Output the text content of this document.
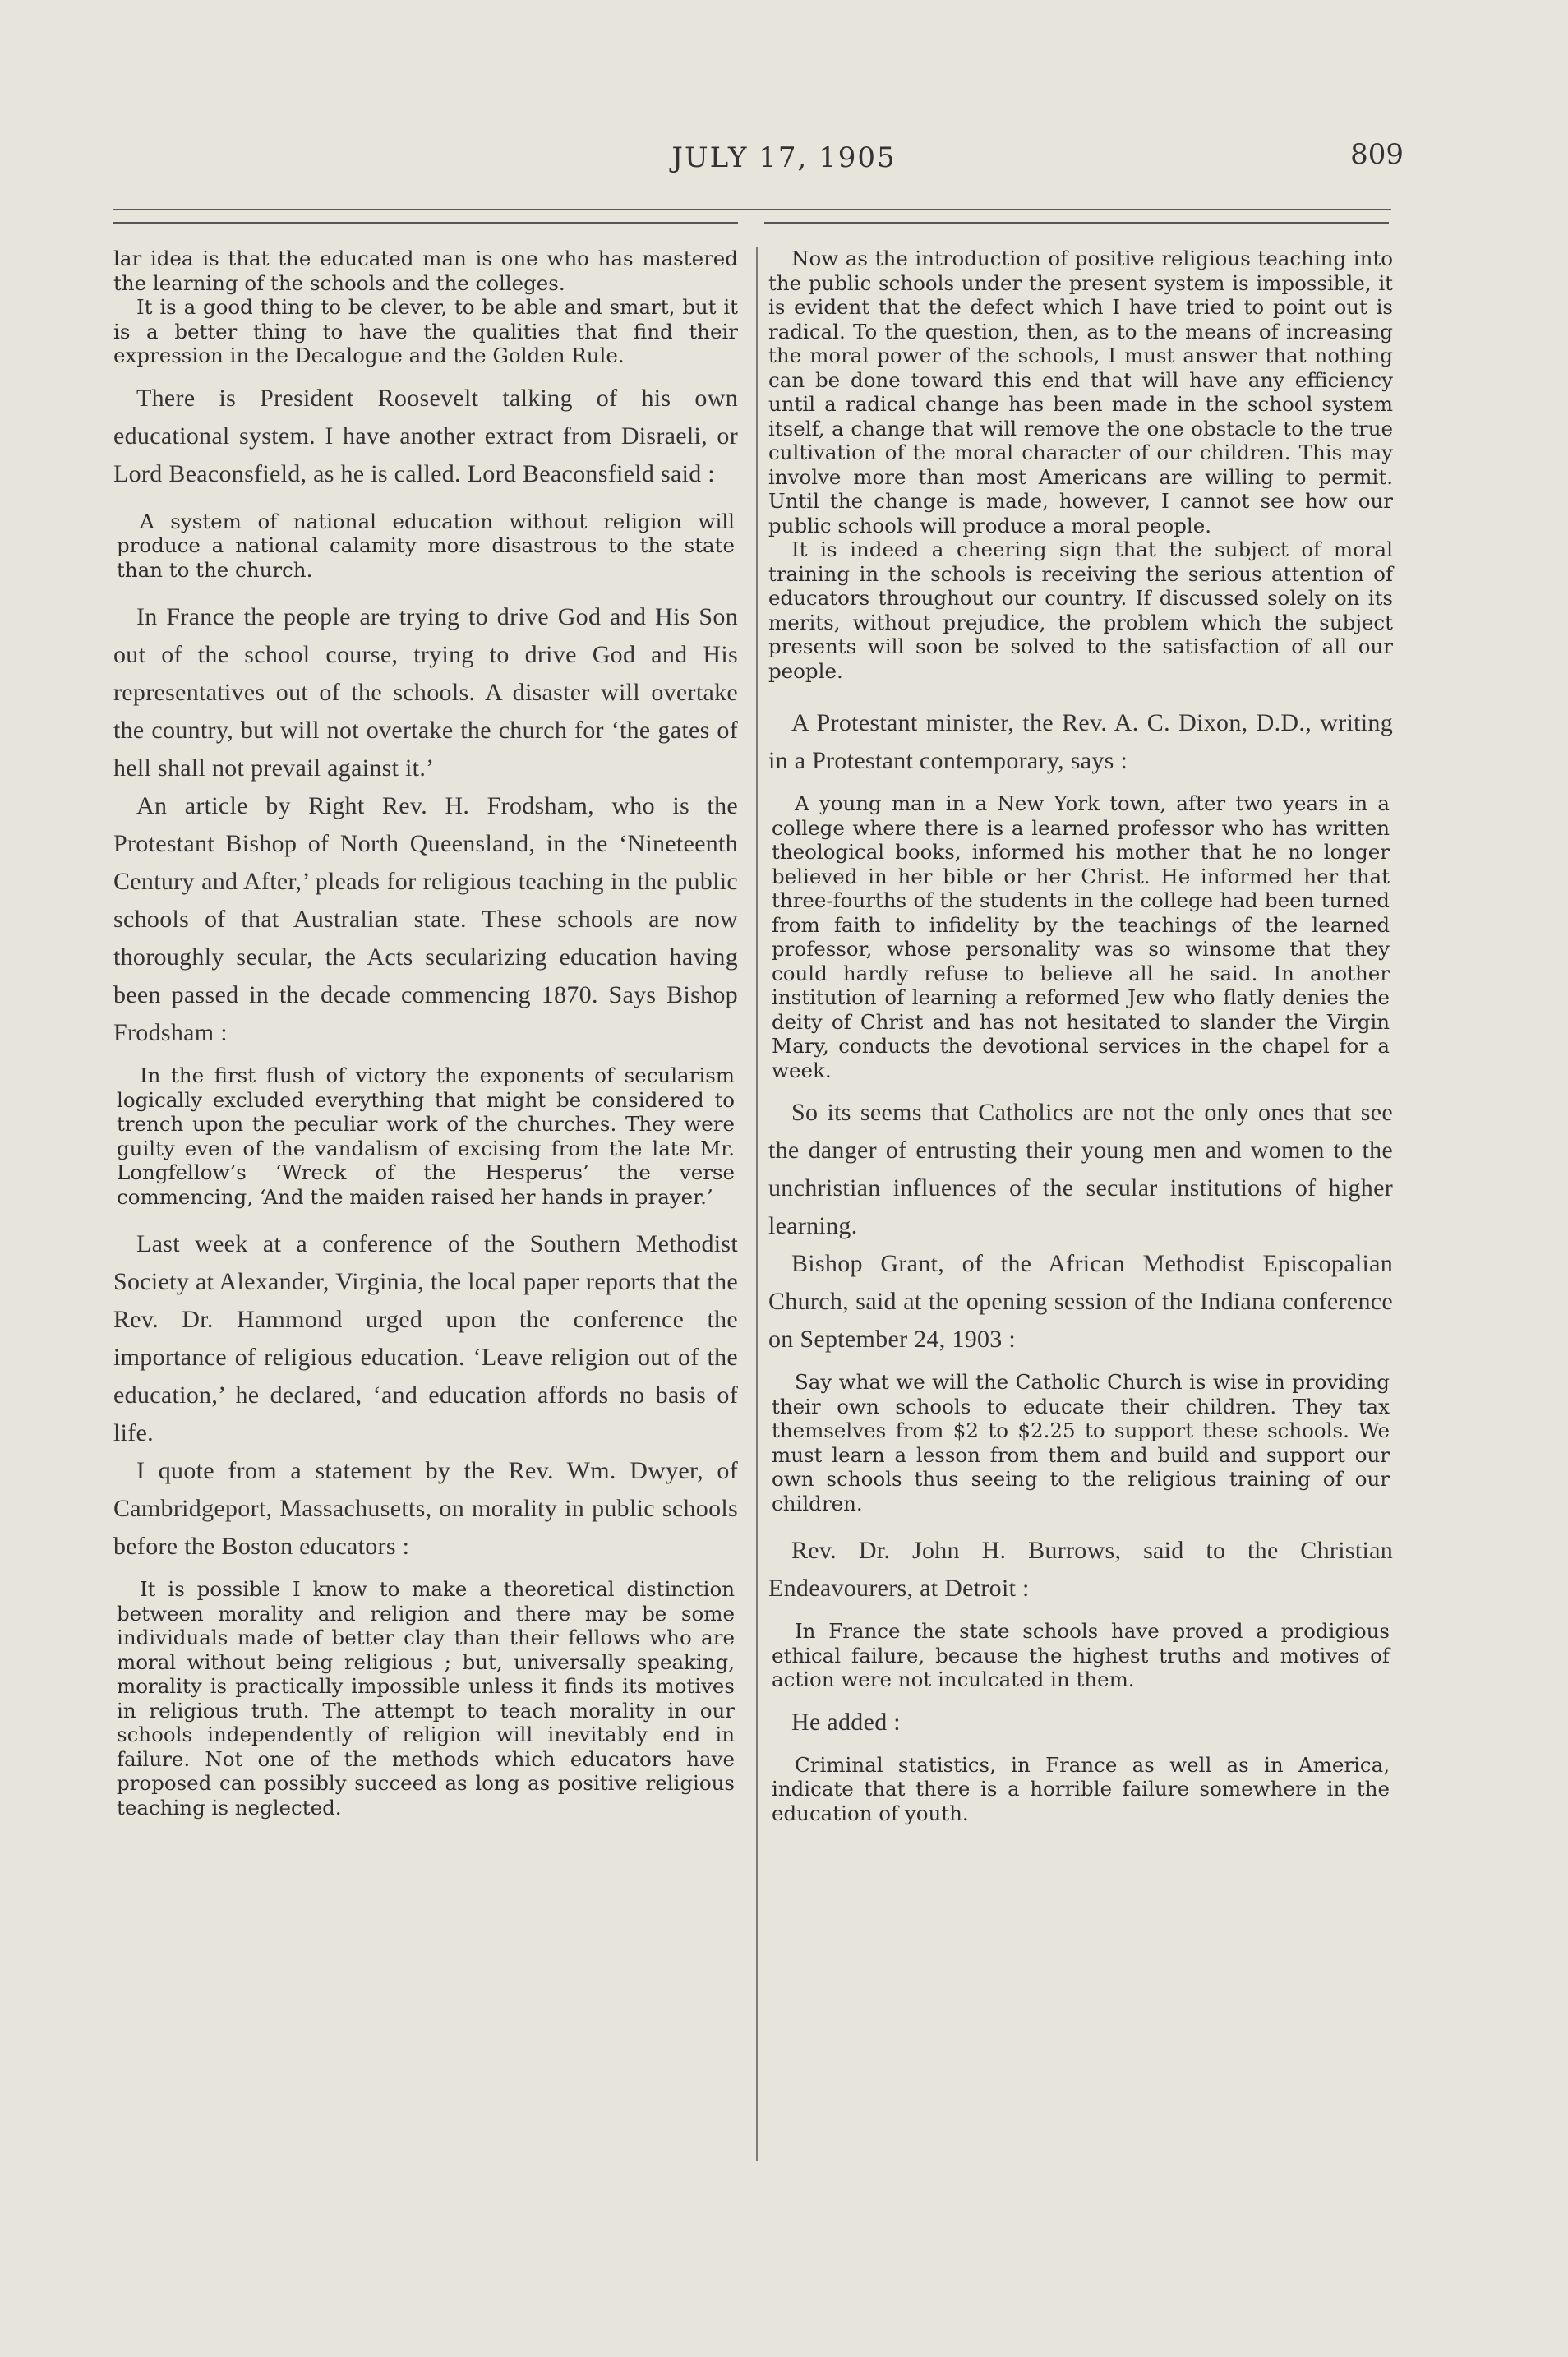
JULY 17, 1905	809

lar idea is that the educated man is one who has mastered the learning of the schools and the colleges.

It is a good thing to be clever, to be able and smart, but it is a better thing to have the qualities that find their expression in the Decalogue and the Golden Rule.

There is President Roosevelt talking of his own educational system. I have another extract from Disraeli, or Lord Beaconsfield, as he is called. Lord Beaconsfield said :

A system of national education without religion will produce a national calamity more disastrous to the state than to the church.

In France the people are trying to drive God and His Son out of the school course, trying to drive God and His representatives out of the schools. A disaster will overtake the country, but will not overtake the church for ‘the gates of hell shall not prevail against it.’

An article by Right Rev. H. Frodsham, who is the Protestant Bishop of North Queensland, in the ‘Nineteenth Century and After,’ pleads for religious teaching in the public schools of that Australian state. These schools are now thoroughly secular, the Acts secularizing education having been passed in the decade commencing 1870. Says Bishop Frodsham :

In the first flush of victory the exponents of secularism logically excluded everything that might be considered to trench upon the peculiar work of the churches. They were guilty even of the vandalism of excising from the late Mr. Longfellow’s ‘Wreck of the Hesperus’ the verse commencing, ‘And the maiden raised her hands in prayer.’

Last week at a conference of the Southern Methodist Society at Alexander, Virginia, the local paper reports that the Rev. Dr. Hammond urged upon the conference the importance of religious education. ‘Leave religion out of the education,’ he declared, ‘and education affords no basis of life.

I quote from a statement by the Rev. Wm. Dwyer, of Cambridgeport, Massachusetts, on morality in public schools before the Boston educators :

It is possible I know to make a theoretical distinction between morality and religion and there may be some individuals made of better clay than their fellows who are moral without being religious ; but, universally speaking, morality is practically impossible unless it finds its motives in religious truth. The attempt to teach morality in our schools independently of religion will inevitably end in failure. Not one of the methods which educators have proposed can possibly succeed as long as positive religious teaching is neglected.

Now as the introduction of positive religious teaching into the public schools under the present system is impossible, it is evident that the defect which I have tried to point out is radical. To the question, then, as to the means of increasing the moral power of the schools, I must answer that nothing can be done toward this end that will have any efficiency until a radical change has been made in the school system itself, a change that will remove the one obstacle to the true cultivation of the moral character of our children. This may involve more than most Americans are willing to permit. Until the change is made, however, I cannot see how our public schools will produce a moral people.

It is indeed a cheering sign that the subject of moral training in the schools is receiving the serious attention of educators throughout our country. If discussed solely on its merits, without prejudice, the problem which the subject presents will soon be solved to the satisfaction of all our people.

A Protestant minister, the Rev. A. C. Dixon, D.D., writing in a Protestant contemporary, says :

A young man in a New York town, after two years in a college where there is a learned professor who has written theological books, informed his mother that he no longer believed in her bible or her Christ. He informed her that three-fourths of the students in the college had been turned from faith to infidelity by the teachings of the learned professor, whose personality was so winsome that they could hardly refuse to believe all he said. In another institution of learning a reformed Jew who flatly denies the deity of Christ and has not hesitated to slander the Virgin Mary, conducts the devotional services in the chapel for a week.

So its seems that Catholics are not the only ones that see the danger of entrusting their young men and women to the unchristian influences of the secular institutions of higher learning.

Bishop Grant, of the African Methodist Episcopalian Church, said at the opening session of the Indiana conference on September 24, 1903 :

Say what we will the Catholic Church is wise in providing their own schools to educate their children. They tax themselves from $2 to $2.25 to support these schools. We must learn a lesson from them and build and support our own schools thus seeing to the religious training of our children.

Rev. Dr. John H. Burrows, said to the Christian Endeavourers, at Detroit :

In France the state schools have proved a prodigious ethical failure, because the highest truths and motives of action were not inculcated in them.

He added :

Criminal statistics, in France as well as in America, indicate that there is a horrible failure somewhere in the education of youth.
